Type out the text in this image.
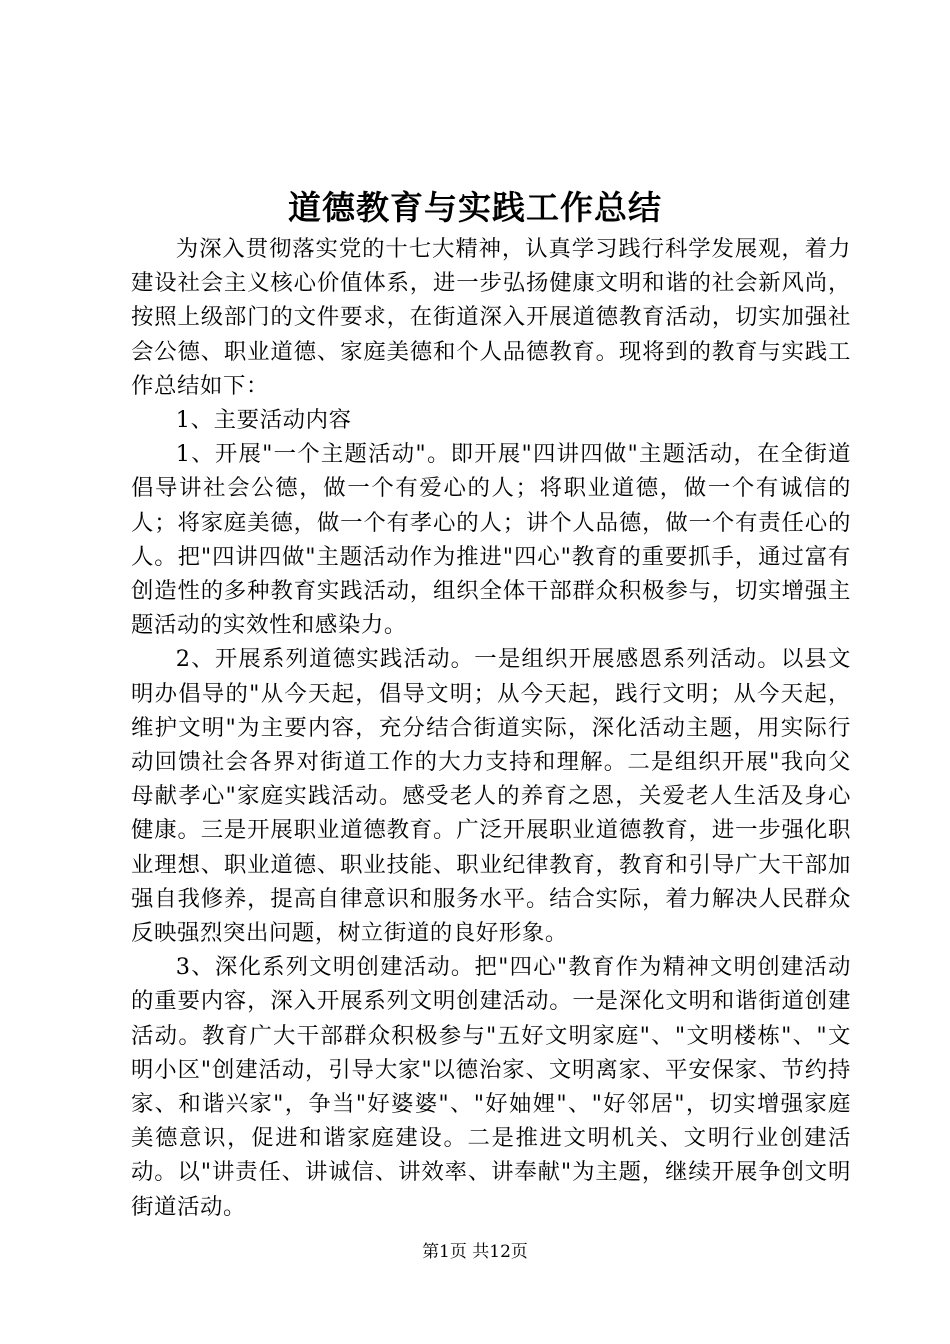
道德教育与实践工作总结

为深入贯彻落实党的十七大精神，认真学习践行科学发展观，着力建设社会主义核心价值体系，进一步弘扬健康文明和谐的社会新风尚，按照上级部门的文件要求，在街道深入开展道德教育活动，切实加强社会公德、职业道德、家庭美德和个人品德教育。现将到的教育与实践工作总结如下：

1、主要活动内容

1、开展"一个主题活动"。即开展"四讲四做"主题活动，在全街道倡导讲社会公德，做一个有爱心的人；将职业道德，做一个有诚信的人；将家庭美德，做一个有孝心的人；讲个人品德，做一个有责任心的人。把"四讲四做"主题活动作为推进"四心"教育的重要抓手，通过富有创造性的多种教育实践活动，组织全体干部群众积极参与，切实增强主题活动的实效性和感染力。

2、开展系列道德实践活动。一是组织开展感恩系列活动。以县文明办倡导的"从今天起，倡导文明；从今天起，践行文明；从今天起，维护文明"为主要内容，充分结合街道实际，深化活动主题，用实际行动回馈社会各界对街道工作的大力支持和理解。二是组织开展"我向父母献孝心"家庭实践活动。感受老人的养育之恩，关爱老人生活及身心健康。三是开展职业道德教育。广泛开展职业道德教育，进一步强化职业理想、职业道德、职业技能、职业纪律教育，教育和引导广大干部加强自我修养，提高自律意识和服务水平。结合实际，着力解决人民群众反映强烈突出问题，树立街道的良好形象。

3、深化系列文明创建活动。把"四心"教育作为精神文明创建活动的重要内容，深入开展系列文明创建活动。一是深化文明和谐街道创建活动。教育广大干部群众积极参与"五好文明家庭"、"文明楼栋"、"文明小区"创建活动，引导大家"以德治家、文明离家、平安保家、节约持家、和谐兴家"，争当"好婆婆"、"好妯娌"、"好邻居"，切实增强家庭美德意识，促进和谐家庭建设。二是推进文明机关、文明行业创建活动。以"讲责任、讲诚信、讲效率、讲奉献"为主题，继续开展争创文明街道活动。

第1页 共12页
